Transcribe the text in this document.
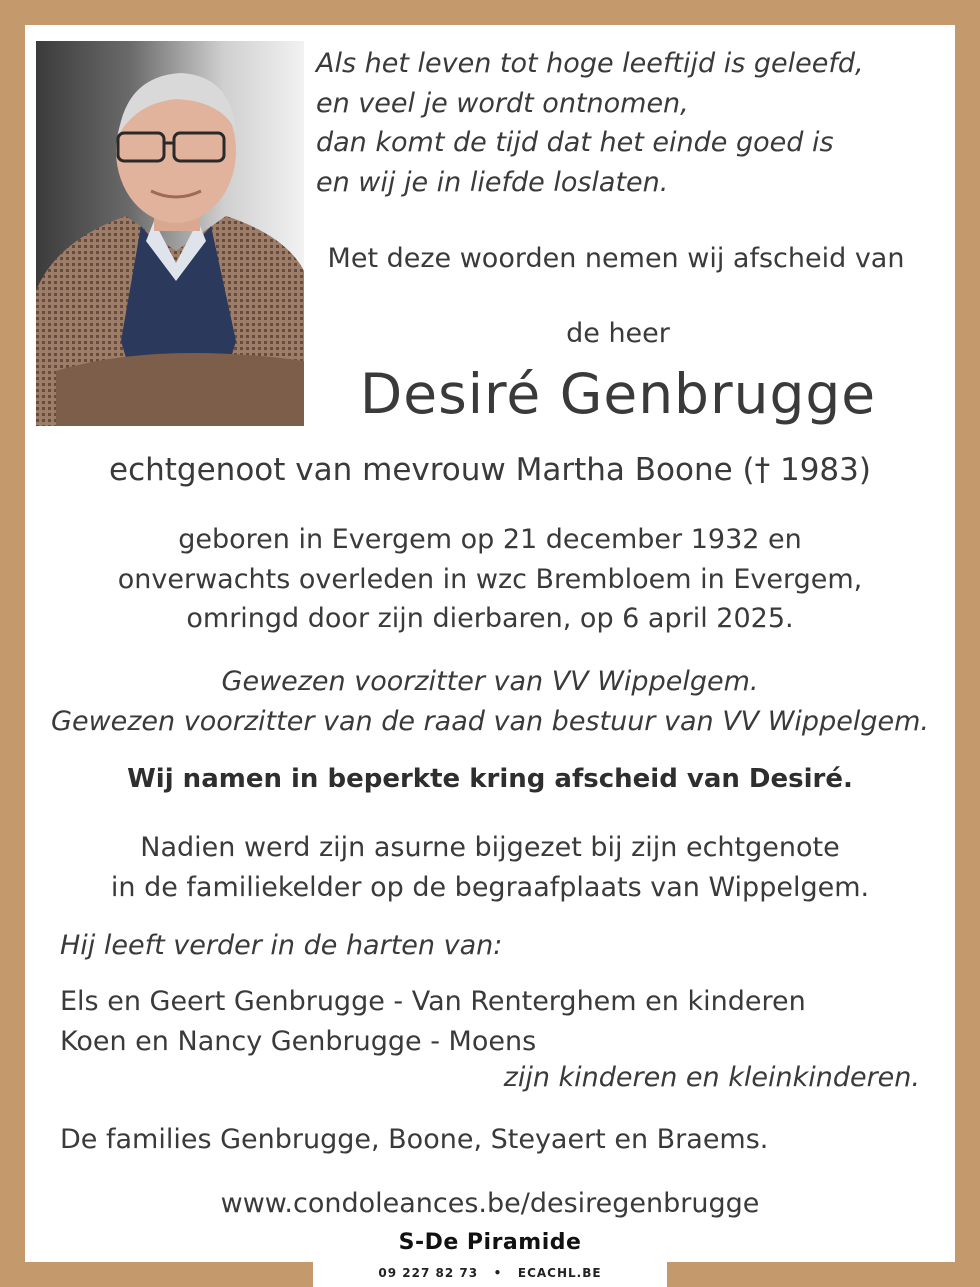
Als het leven tot hoge leeftijd is geleefd,
en veel je wordt ontnomen,
dan komt de tijd dat het einde goed is
en wij je in liefde loslaten.
Met deze woorden nemen wij afscheid van
de heer
Desiré Genbrugge
echtgenoot van mevrouw Martha Boone († 1983)
geboren in Evergem op 21 december 1932 en
onverwachts overleden in wzc Brembloem in Evergem,
omringd door zijn dierbaren, op 6 april 2025.
Gewezen voorzitter van VV Wippelgem.
Gewezen voorzitter van de raad van bestuur van VV Wippelgem.
Wij namen in beperkte kring afscheid van Desiré.
Nadien werd zijn asurne bijgezet bij zijn echtgenote
in de familiekelder op de begraafplaats van Wippelgem.
Hij leeft verder in de harten van:
Els en Geert Genbrugge - Van Renterghem en kinderen
Koen en Nancy Genbrugge - Moens
zijn kinderen en kleinkinderen.
De families Genbrugge, Boone, Steyaert en Braems.
www.condoleances.be/desiregenbrugge
S-De Piramide
09 227 82 73 • ECACHL.BE
